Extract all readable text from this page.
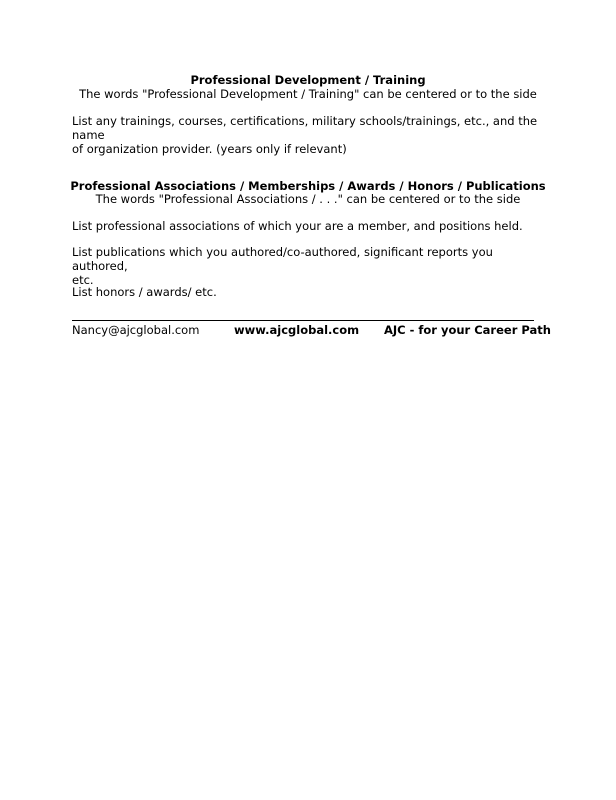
Professional Development / Training
The words "Professional Development / Training" can be centered or to the side
List any trainings, courses, certifications, military schools/trainings, etc., and the name
of organization provider. (years only if relevant)
Professional Associations / Memberships / Awards / Honors / Publications
The words "Professional Associations / . . ." can be centered or to the side
List professional associations of which your are a member, and positions held.
List publications which you authored/co-authored, significant reports you authored,
etc.
List honors / awards/ etc.
Nancy@ajcglobal.com	www.ajcglobal.com AJC - for your Career Path
